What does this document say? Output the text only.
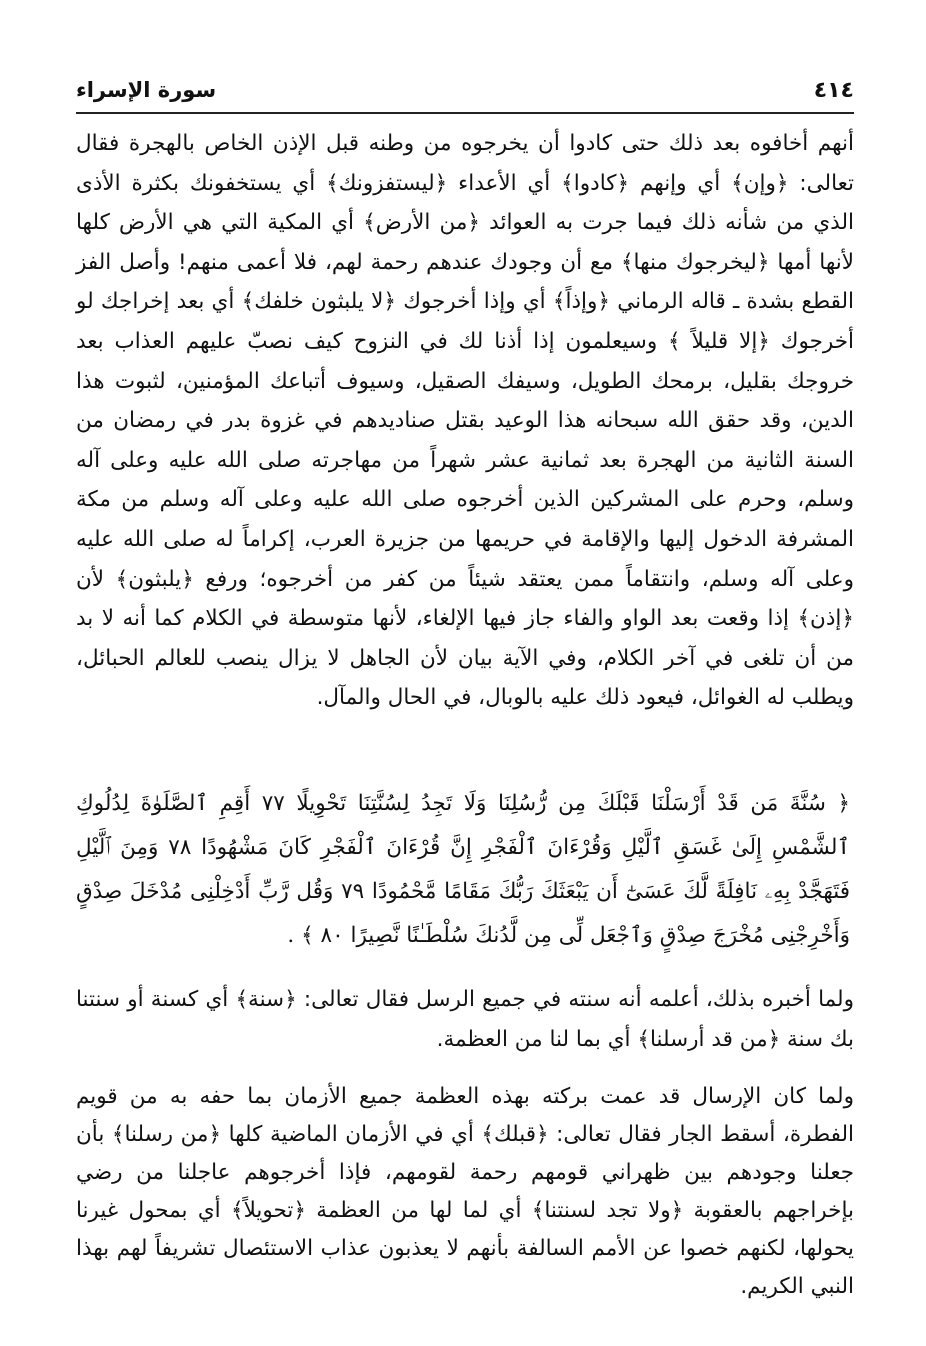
٤١٤
سورة الإسراء

أنهم أخافوه بعد ذلك حتى كادوا أن يخرجوه من وطنه قبل الإذن الخاص بالهجرة فقال تعالى: ﴿وإن﴾ أي وإنهم ﴿كادوا﴾ أي الأعداء ﴿ليستفزونك﴾ أي يستخفونك بكثرة الأذى الذي من شأنه ذلك فيما جرت به العوائد ﴿من الأرض﴾ أي المكية التي هي الأرض كلها لأنها أمها ﴿ليخرجوك منها﴾ مع أن وجودك عندهم رحمة لهم، فلا أعمى منهم! وأصل الفز القطع بشدة ـ قاله الرماني ﴿وإذاً﴾ أي وإذا أخرجوك ﴿لا يلبثون خلفك﴾ أي بعد إخراجك لو أخرجوك ﴿إلا قليلاً ﴾ وسيعلمون إذا أذنا لك في النزوح كيف نصبّ عليهم العذاب بعد خروجك بقليل، برمحك الطويل، وسيفك الصقيل، وسيوف أتباعك المؤمنين، لثبوت هذا الدين، وقد حقق الله سبحانه هذا الوعيد بقتل صناديدهم في غزوة بدر في رمضان من السنة الثانية من الهجرة بعد ثمانية عشر شهراً من مهاجرته صلى الله عليه وعلى آله وسلم، وحرم على المشركين الذين أخرجوه صلى الله عليه وعلى آله وسلم من مكة المشرفة الدخول إليها والإقامة في حريمها من جزيرة العرب، إكراماً له صلى الله عليه وعلى آله وسلم، وانتقاماً ممن يعتقد شيئاً من كفر من أخرجوه؛ ورفع ﴿يلبثون﴾ لأن ﴿إذن﴾ إذا وقعت بعد الواو والفاء جاز فيها الإلغاء، لأنها متوسطة في الكلام كما أنه لا بد من أن تلغى في آخر الكلام، وفي الآية بيان لأن الجاهل لا يزال ينصب للعالم الحبائل، ويطلب له الغوائل، فيعود ذلك عليه بالوبال، في الحال والمآل.

﴿ سُنَّةَ مَن قَدْ أَرْسَلْنَا قَبْلَكَ مِن رُّسُلِنَا وَلَا تَجِدُ لِسُنَّتِنَا تَحْوِيلًا ٧٧ أَقِمِ ٱلصَّلَوٰةَ لِدُلُوكِ ٱلشَّمْسِ إِلَىٰ غَسَقِ ٱلَّيْلِ وَقُرْءَانَ ٱلْفَجْرِ إِنَّ قُرْءَانَ ٱلْفَجْرِ كَانَ مَشْهُودًا ٧٨ وَمِنَ ٱلَّيْلِ فَتَهَجَّدْ بِهِۦ نَافِلَةً لَّكَ عَسَىٰٓ أَن يَبْعَثَكَ رَبُّكَ مَقَامًا مَّحْمُودًا ٧٩ وَقُل رَّبِّ أَدْخِلْنِى مُدْخَلَ صِدْقٍ وَأَخْرِجْنِى مُخْرَجَ صِدْقٍ وَٱجْعَل لِّى مِن لَّدُنكَ سُلْطَـٰنًا نَّصِيرًا ٨٠ ﴾ .

ولما أخبره بذلك، أعلمه أنه سنته في جميع الرسل فقال تعالى: ﴿سنة﴾ أي كسنة أو سنتنا بك سنة ﴿من قد أرسلنا﴾ أي بما لنا من العظمة.

ولما كان الإرسال قد عمت بركته بهذه العظمة جميع الأزمان بما حفه به من قويم الفطرة، أسقط الجار فقال تعالى: ﴿قبلك﴾ أي في الأزمان الماضية كلها ﴿من رسلنا﴾ بأن جعلنا وجودهم بين ظهراني قومهم رحمة لقومهم، فإذا أخرجوهم عاجلنا من رضي بإخراجهم بالعقوبة ﴿ولا تجد لسنتنا﴾ أي لما لها من العظمة ﴿تحويلاً﴾ أي بمحول غيرنا يحولها، لكنهم خصوا عن الأمم السالفة بأنهم لا يعذبون عذاب الاستئصال تشريفاً لهم بهذا النبي الكريم.
